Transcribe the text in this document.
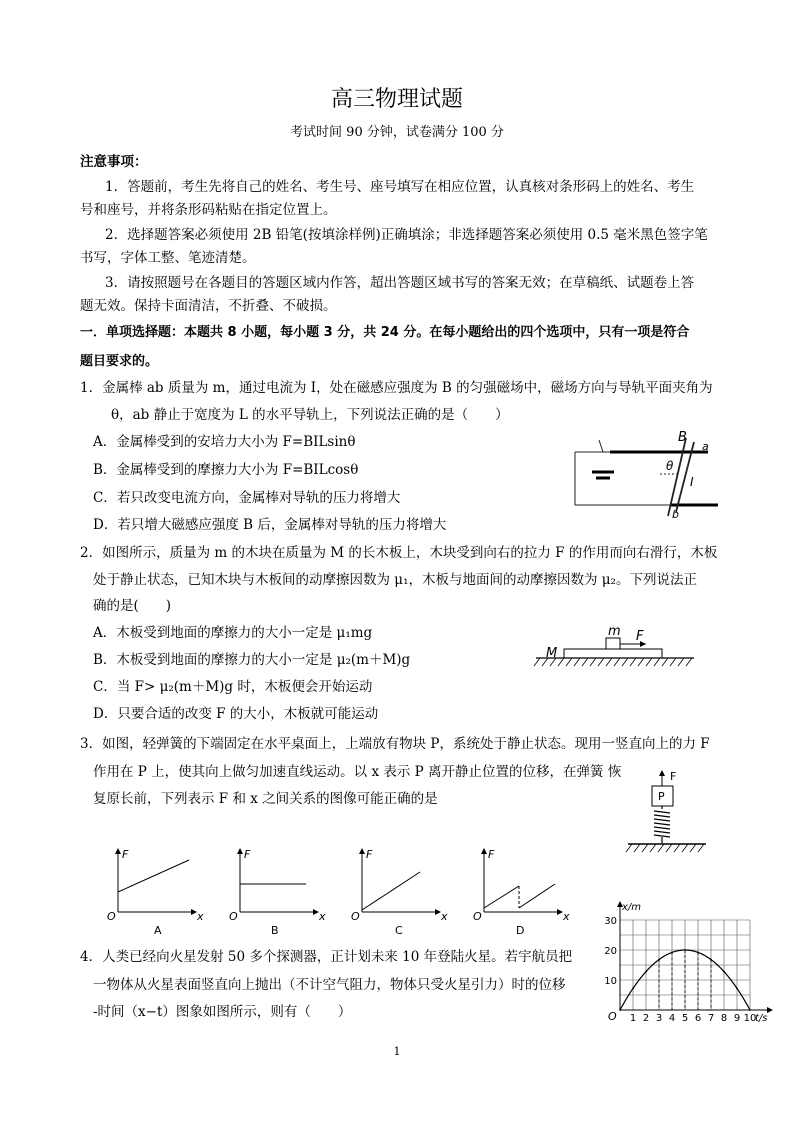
高三物理试题
考试时间 90 分钟，试卷满分 100 分
注意事项：
1．答题前，考生先将自己的姓名、考生号、座号填写在相应位置，认真核对条形码上的姓名、考生
号和座号，并将条形码粘贴在指定位置上。
2．选择题答案必须使用 2B 铅笔(按填涂样例)正确填涂；非选择题答案必须使用 0.5 毫米黑色签字笔
书写，字体工整、笔迹清楚。
3．请按照题号在各题目的答题区域内作答，超出答题区域书写的答案无效；在草稿纸、试题卷上答
题无效。保持卡面清洁，不折叠、不破损。
一．单项选择题：本题共 8 小题，每小题 3 分，共 24 分。在每小题给出的四个选项中，只有一项是符合
题目要求的。
1．金属棒 ab 质量为 m，通过电流为 I，处在磁感应强度为 B 的匀强磁场中，磁场方向与导轨平面夹角为
θ，ab 静止于宽度为 L 的水平导轨上，下列说法正确的是（　　）
A．金属棒受到的安培力大小为 F=BILsinθ
B．金属棒受到的摩擦力大小为 F=BILcosθ
C．若只改变电流方向，金属棒对导轨的压力将增大
D．若只增大磁感应强度 B 后，金属棒对导轨的压力将增大
B
a
b
θ
I
2．如图所示，质量为 m 的木块在质量为 M 的长木板上，木块受到向右的拉力 F 的作用而向右滑行，木板
处于静止状态，已知木块与木板间的动摩擦因数为 μ₁，木板与地面间的动摩擦因数为 μ₂。下列说法正
确的是(　　)
A．木板受到地面的摩擦力的大小一定是 μ₁mg
B．木板受到地面的摩擦力的大小一定是 μ₂(m＋M)g
C．当 F> μ₂(m＋M)g 时，木板便会开始运动
D．只要合适的改变 F 的大小，木板就可能运动
M
m F
3．如图，轻弹簧的下端固定在水平桌面上，上端放有物块 P，系统处于静止状态。现用一竖直向上的力 F
作用在 P 上，使其向上做匀加速直线运动。以 x 表示 P 离开静止位置的位移，在弹簧 恢
复原长前，下列表示 F 和 x 之间关系的图像可能正确的是
F
P
F
x
O
A
F
x
O
B
F
x
O
C
F
x
O
D
4．人类已经向火星发射 50 多个探测器，正计划未来 10 年登陆火星。若宇航员把
一物体从火星表面竖直向上抛出（不计空气阻力，物体只受火星引力）时的位移
-时间（x−t）图象如图所示，则有（　　）	1 2 3 4 5 6 7 8 9 10
10
20
30
x/m
t/s
O
1
